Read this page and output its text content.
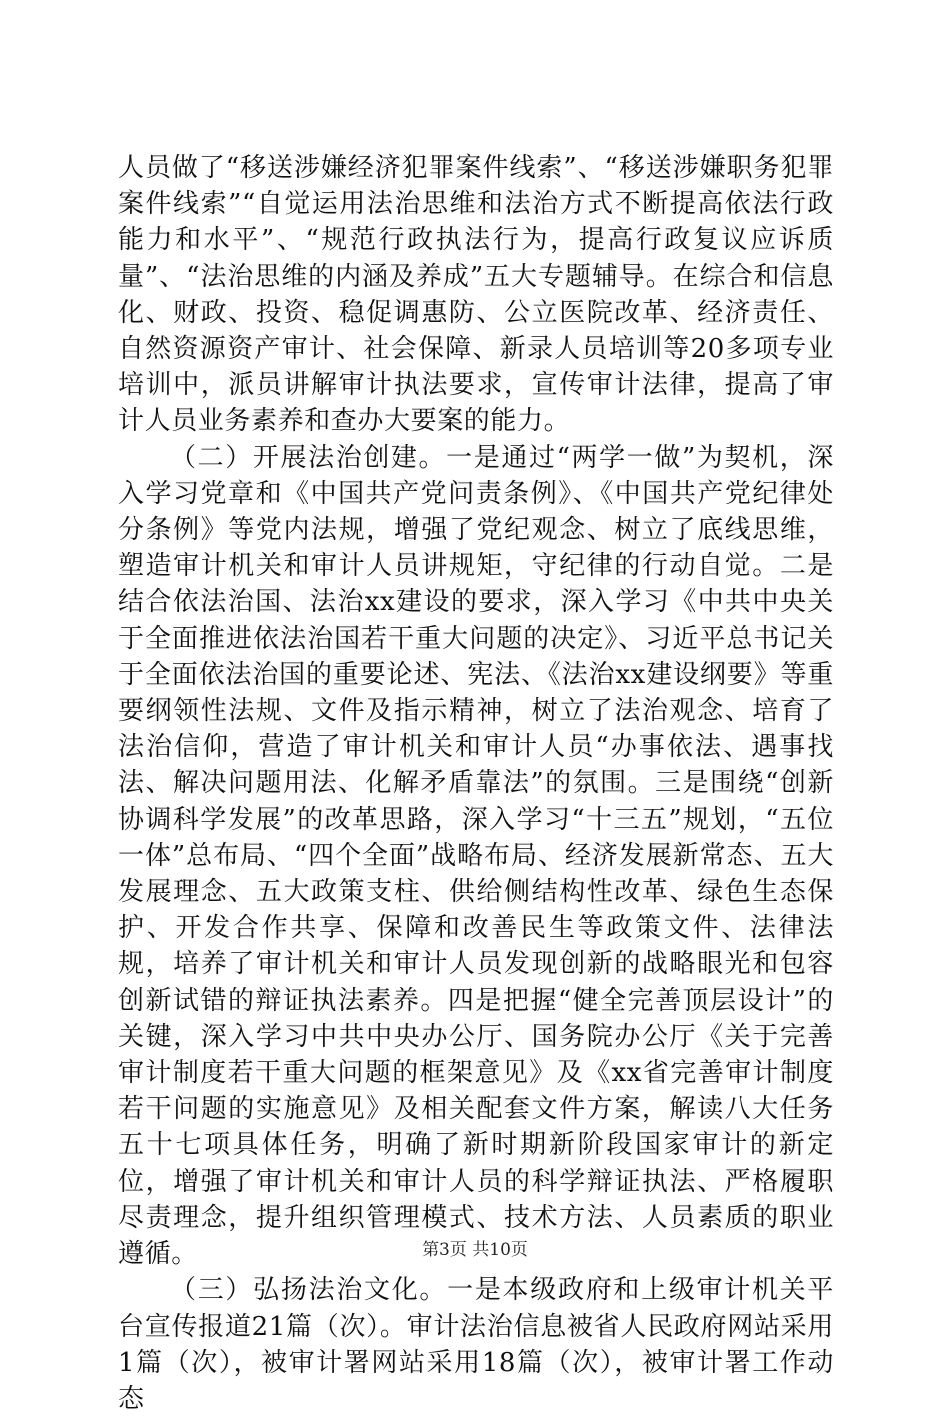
人员做了“移送涉嫌经济犯罪案件线索”、“移送涉嫌职务犯罪案件线索”“自觉运用法治思维和法治方式不断提高依法行政能力和水平”、“规范行政执法行为，提高行政复议应诉质量”、“法治思维的内涵及养成”五大专题辅导。在综合和信息化、财政、投资、稳促调惠防、公立医院改革、经济责任、自然资源资产审计、社会保障、新录人员培训等20多项专业培训中，派员讲解审计执法要求，宣传审计法律，提高了审计人员业务素养和查办大要案的能力。

（二）开展法治创建。一是通过“两学一做”为契机，深入学习党章和《中国共产党问责条例》、《中国共产党纪律处分条例》等党内法规，增强了党纪观念、树立了底线思维，塑造审计机关和审计人员讲规矩，守纪律的行动自觉。二是结合依法治国、法治xx建设的要求，深入学习《中共中央关于全面推进依法治国若干重大问题的决定》、习近平总书记关于全面依法治国的重要论述、宪法、《法治xx建设纲要》等重要纲领性法规、文件及指示精神，树立了法治观念、培育了法治信仰，营造了审计机关和审计人员“办事依法、遇事找法、解决问题用法、化解矛盾靠法”的氛围。三是围绕“创新协调科学发展”的改革思路，深入学习“十三五”规划，“五位一体”总布局、“四个全面”战略布局、经济发展新常态、五大发展理念、五大政策支柱、供给侧结构性改革、绿色生态保护、开发合作共享、保障和改善民生等政策文件、法律法规，培养了审计机关和审计人员发现创新的战略眼光和包容创新试错的辩证执法素养。四是把握“健全完善顶层设计”的关键，深入学习中共中央办公厅、国务院办公厅《关于完善审计制度若干重大问题的框架意见》及《xx省完善审计制度若干问题的实施意见》及相关配套文件方案，解读八大任务五十七项具体任务，明确了新时期新阶段国家审计的新定位，增强了审计机关和审计人员的科学辩证执法、严格履职尽责理念，提升组织管理模式、技术方法、人员素质的职业遵循。

（三）弘扬法治文化。一是本级政府和上级审计机关平台宣传报道21篇（次）。审计法治信息被省人民政府网站采用1篇（次），被审计署网站采用18篇（次），被审计署工作动态

第3页 共10页
